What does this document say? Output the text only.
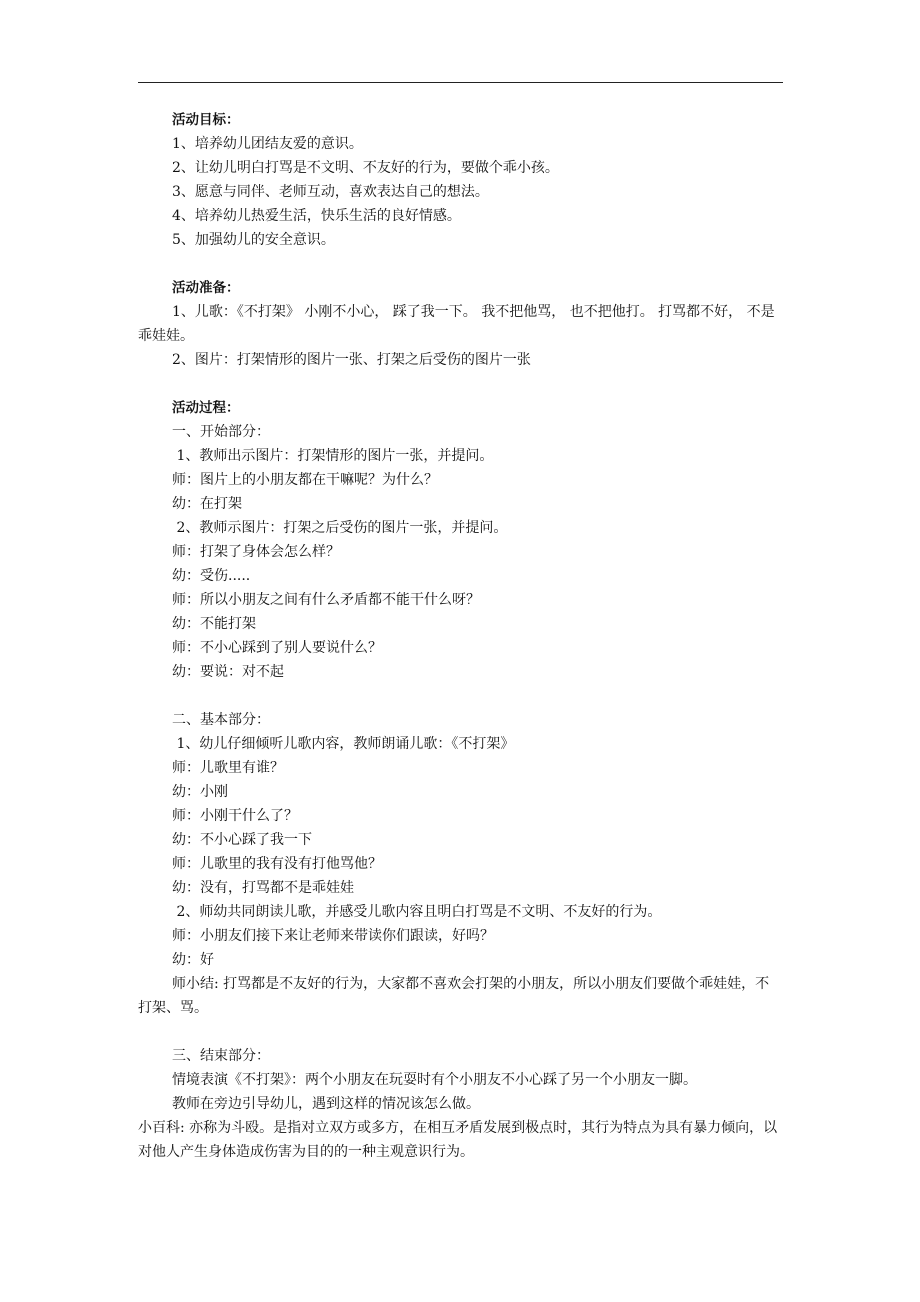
活动目标：

1、培养幼儿团结友爱的意识。

2、让幼儿明白打骂是不文明、不友好的行为，要做个乖小孩。

3、愿意与同伴、老师互动，喜欢表达自己的想法。

4、培养幼儿热爱生活，快乐生活的良好情感。

5、加强幼儿的安全意识。

活动准备：

1、儿歌：《不打架》 小刚不小心， 踩了我一下。 我不把他骂， 也不把他打。 打骂都不好， 不是乖娃娃。

2、图片：打架情形的图片一张、打架之后受伤的图片一张

活动过程：

一、开始部分：

1、教师出示图片：打架情形的图片一张，并提问。

师：图片上的小朋友都在干嘛呢？为什么？

幼：在打架

2、教师示图片：打架之后受伤的图片一张，并提问。

师：打架了身体会怎么样？

幼：受伤.....

师：所以小朋友之间有什么矛盾都不能干什么呀？

幼：不能打架

师：不小心踩到了别人要说什么？

幼：要说：对不起

二、基本部分：

1、幼儿仔细倾听儿歌内容，教师朗诵儿歌：《不打架》

师：儿歌里有谁？

幼：小刚

师：小刚干什么了？

幼：不小心踩了我一下

师：儿歌里的我有没有打他骂他？

幼：没有，打骂都不是乖娃娃

2、师幼共同朗读儿歌，并感受儿歌内容且明白打骂是不文明、不友好的行为。

师：小朋友们接下来让老师来带读你们跟读，好吗？

幼：好

师小结: 打骂都是不友好的行为，大家都不喜欢会打架的小朋友，所以小朋友们要做个乖娃娃，不打架、骂。

三、结束部分：

情境表演《不打架》：两个小朋友在玩耍时有个小朋友不小心踩了另一个小朋友一脚。

教师在旁边引导幼儿，遇到这样的情况该怎么做。

小百科: 亦称为斗殴。是指对立双方或多方，在相互矛盾发展到极点时，其行为特点为具有暴力倾向，以对他人产生身体造成伤害为目的的一种主观意识行为。
